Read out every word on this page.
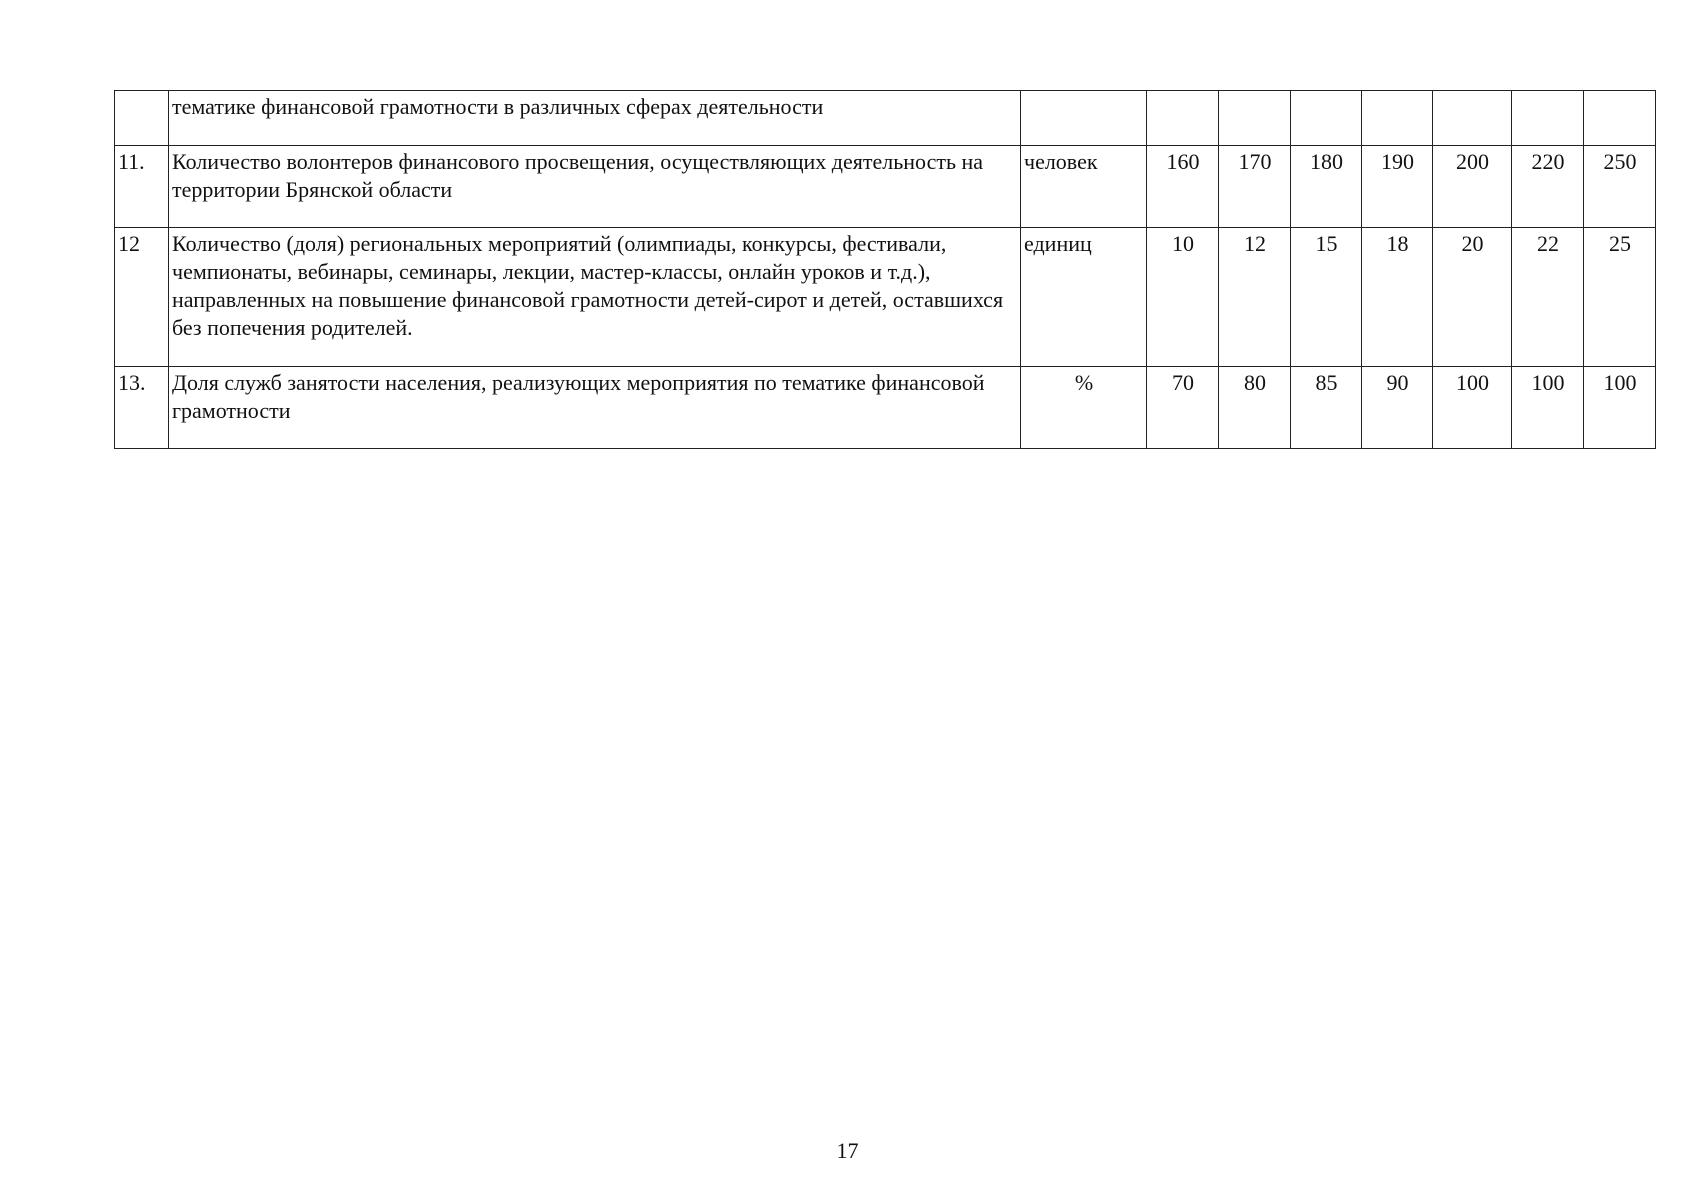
	тематике финансовой грамотности в различных сферах деятельности								
11.	Количество волонтеров финансового просвещения, осуществляющих деятельность на территории Брянской области	человек	160	170	180	190	200	220	250
12	Количество (доля) региональных мероприятий (олимпиады, конкурсы, фестивали, чемпионаты, вебинары, семинары, лекции, мастер-классы, онлайн уроков и т.д.), направленных на повышение финансовой грамотности детей-сирот и детей, оставшихся без попечения родителей.	единиц	10	12	15	18	20	22	25
13.	Доля служб занятости населения, реализующих мероприятия по тематике финансовой грамотности	%	70	80	85	90	100	100	100
17
